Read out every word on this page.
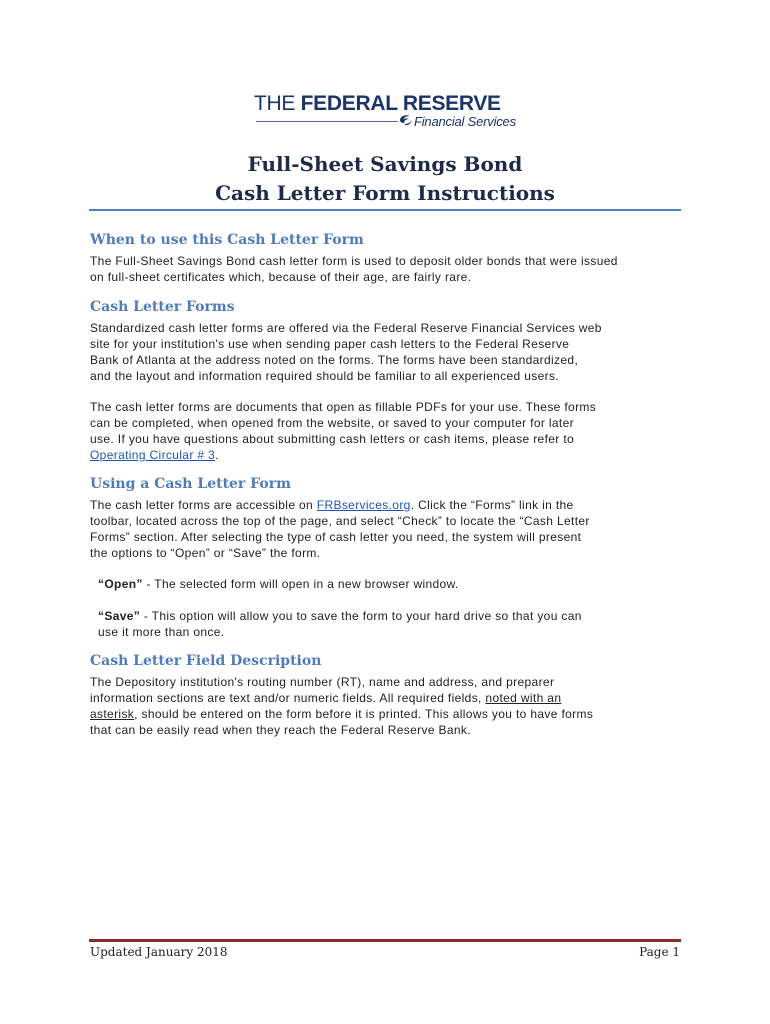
THE FEDERAL RESERVE
Financial Services
Full-Sheet Savings Bond
Cash Letter Form Instructions
When to use this Cash Letter Form
The Full-Sheet Savings Bond cash letter form is used to deposit older bonds that were issued
on full-sheet certificates which, because of their age, are fairly rare.
Cash Letter Forms
Standardized cash letter forms are offered via the Federal Reserve Financial Services web
site for your institution's use when sending paper cash letters to the Federal Reserve
Bank of Atlanta at the address noted on the forms. The forms have been standardized,
and the layout and information required should be familiar to all experienced users.
The cash letter forms are documents that open as fillable PDFs for your use. These forms
can be completed, when opened from the website, or saved to your computer for later
use. If you have questions about submitting cash letters or cash items, please refer to
Operating Circular # 3.
Using a Cash Letter Form
The cash letter forms are accessible on FRBservices.org. Click the “Forms” link in the
toolbar, located across the top of the page, and select “Check” to locate the “Cash Letter
Forms” section. After selecting the type of cash letter you need, the system will present
the options to “Open” or “Save” the form.
“Open” - The selected form will open in a new browser window.
“Save” - This option will allow you to save the form to your hard drive so that you can
use it more than once.
Cash Letter Field Description
The Depository institution's routing number (RT), name and address, and preparer
information sections are text and/or numeric fields. All required fields, noted with an
asterisk, should be entered on the form before it is printed. This allows you to have forms
that can be easily read when they reach the Federal Reserve Bank.
Updated January 2018	Page 1
